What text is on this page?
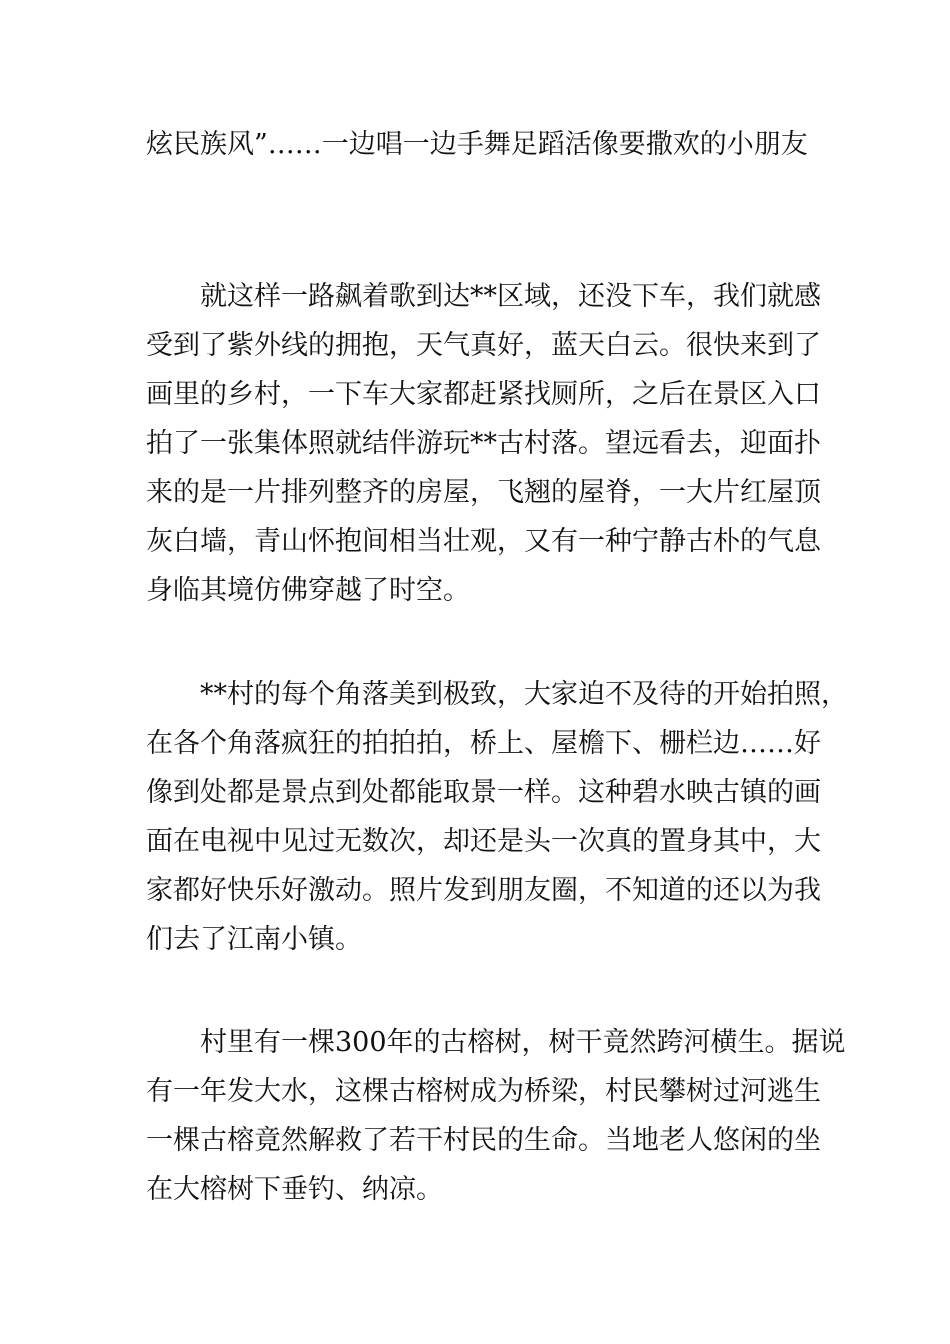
炫民族风”……一边唱一边手舞足蹈活像要撒欢的小朋友
就这样一路飙着歌到达**区域，还没下车，我们就感
受到了紫外线的拥抱，天气真好，蓝天白云。很快来到了
画里的乡村，一下车大家都赶紧找厕所，之后在景区入口
拍了一张集体照就结伴游玩**古村落。望远看去，迎面扑
来的是一片排列整齐的房屋，飞翘的屋脊，一大片红屋顶
灰白墙，青山怀抱间相当壮观，又有一种宁静古朴的气息
身临其境仿佛穿越了时空。
**村的每个角落美到极致，大家迫不及待的开始拍照，
在各个角落疯狂的拍拍拍，桥上、屋檐下、栅栏边……好
像到处都是景点到处都能取景一样。这种碧水映古镇的画
面在电视中见过无数次，却还是头一次真的置身其中，大
家都好快乐好激动。照片发到朋友圈，不知道的还以为我
们去了江南小镇。
村里有一棵300年的古榕树，树干竟然跨河横生。据说
有一年发大水，这棵古榕树成为桥梁，村民攀树过河逃生
一棵古榕竟然解救了若干村民的生命。当地老人悠闲的坐
在大榕树下垂钓、纳凉。
